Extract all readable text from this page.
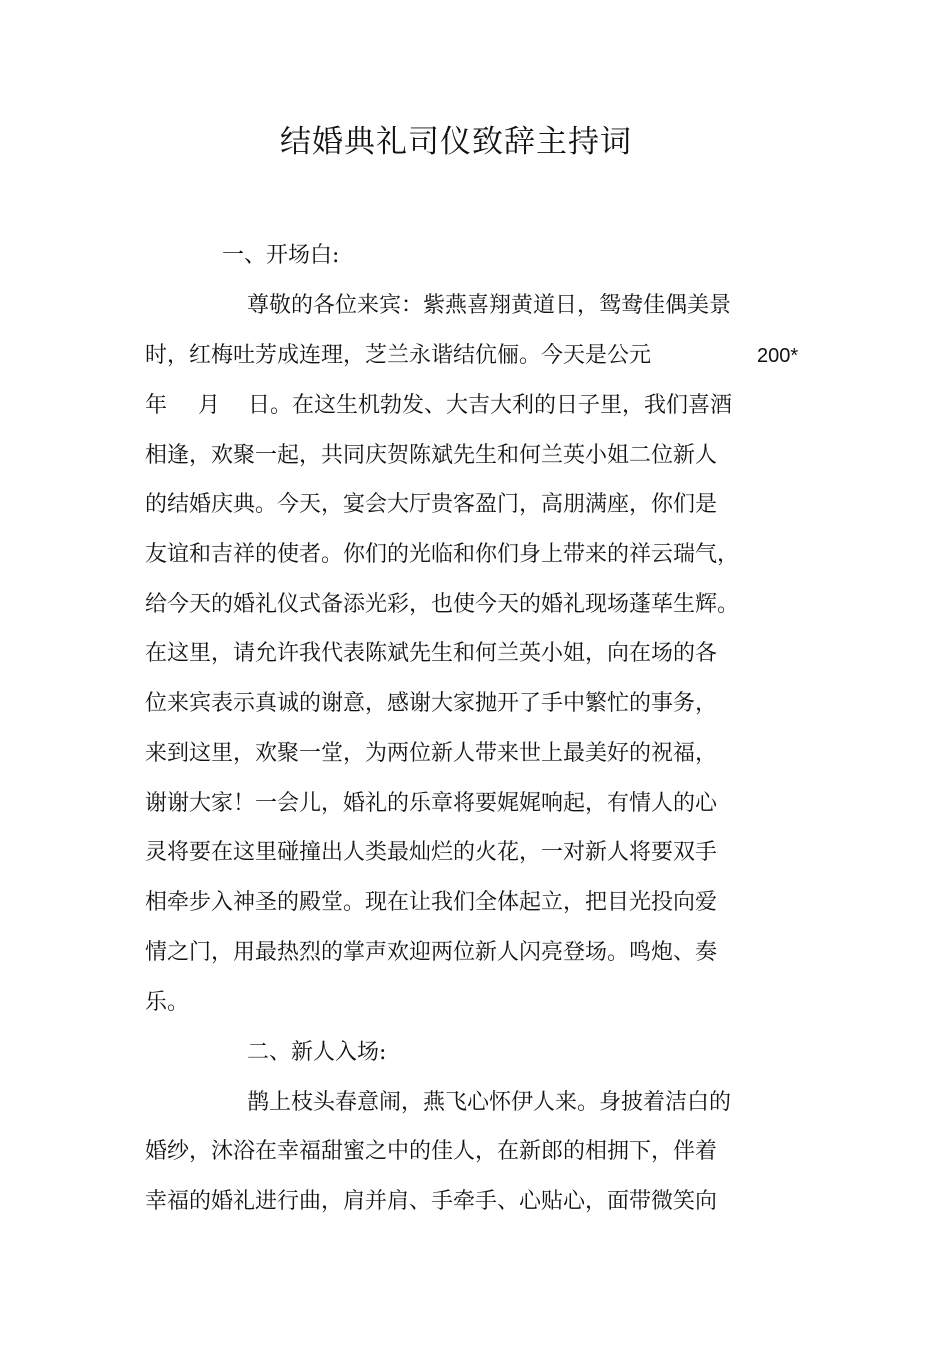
结婚典礼司仪致辞主持词
一、开场白:
尊敬的各位来宾：紫燕喜翔黄道日，鸳鸯佳偶美景
时，红梅吐芳成连理，芝兰永谐结伉俪。今天是公元	200*
年 月 日。在这生机勃发、大吉大利的日子里，我们喜酒
相逢，欢聚一起，共同庆贺陈斌先生和何兰英小姐二位新人
的结婚庆典。今天，宴会大厅贵客盈门，高朋满座，你们是
友谊和吉祥的使者。你们的光临和你们身上带来的祥云瑞气，
给今天的婚礼仪式备添光彩，也使今天的婚礼现场蓬荜生辉。
在这里，请允许我代表陈斌先生和何兰英小姐，向在场的各
位来宾表示真诚的谢意，感谢大家抛开了手中繁忙的事务，
来到这里，欢聚一堂，为两位新人带来世上最美好的祝福，
谢谢大家！一会儿，婚礼的乐章将要娓娓响起，有情人的心
灵将要在这里碰撞出人类最灿烂的火花，一对新人将要双手
相牵步入神圣的殿堂。现在让我们全体起立，把目光投向爱
情之门，用最热烈的掌声欢迎两位新人闪亮登场。鸣炮、奏
乐。
二、新人入场:
鹊上枝头春意闹，燕飞心怀伊人来。身披着洁白的
婚纱，沐浴在幸福甜蜜之中的佳人，在新郎的相拥下，伴着
幸福的婚礼进行曲，肩并肩、手牵手、心贴心，面带微笑向
